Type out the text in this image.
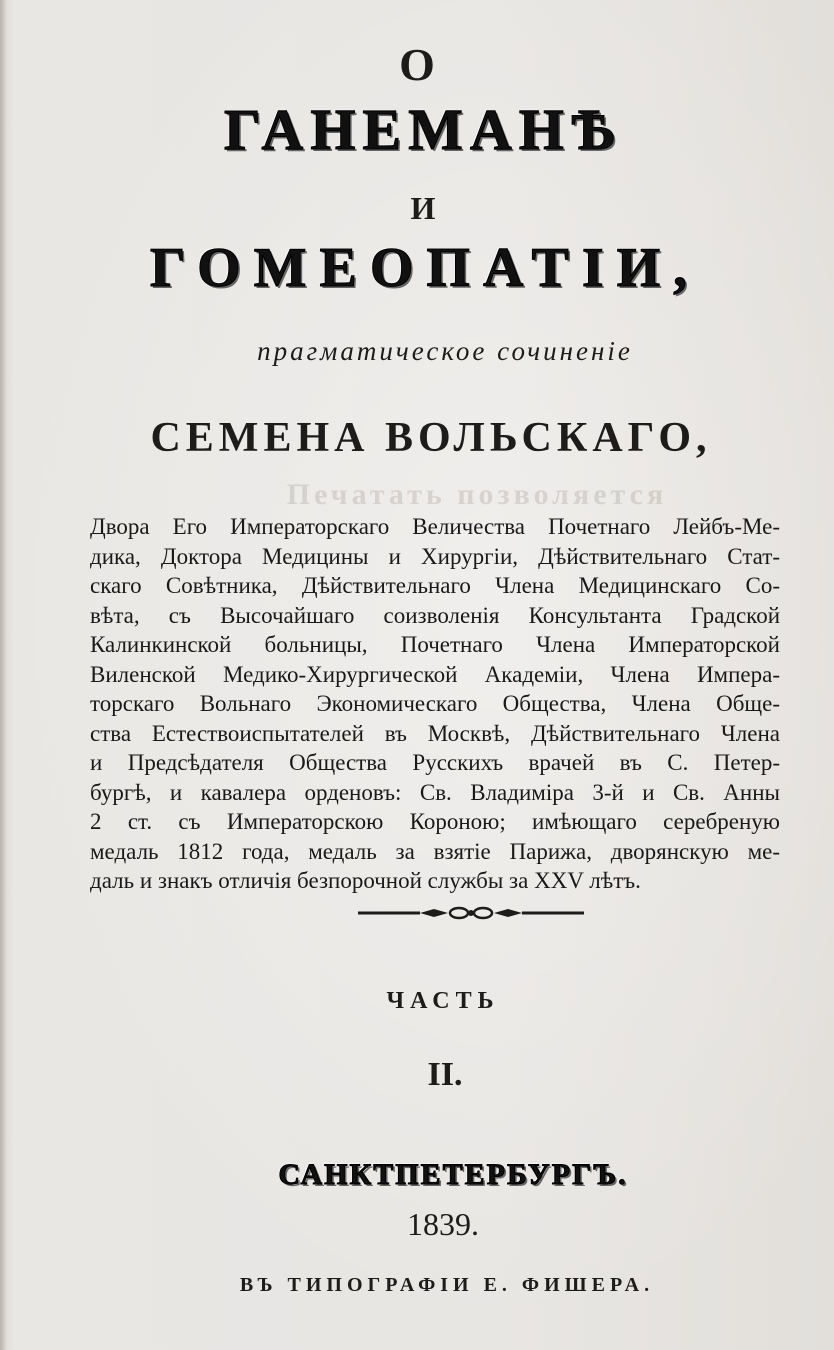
О
ГАНЕМАНѢ
И
ГОМЕОПАТIИ,
прагматическое сочиненiе
СЕМЕНА ВОЛЬСКАГО,
Печатать позволяется
Двора Его Императорскаго Величества Почетнаго Лейбъ-Ме-
дика, Доктора Медицины и Хирургiи, Дѣйствительнаго Стат-
скаго Совѣтника, Дѣйствительнаго Члена Медицинскаго Со-
вѣта, съ Высочайшаго соизволенiя Консультанта Градской
Калинкинской больницы, Почетнаго Члена Императорской
Виленской Медико-Хирургической Академiи, Члена Импера-
торскаго Вольнаго Экономическаго Общества, Члена Обще-
ства Естествоиспытателей въ Москвѣ, Дѣйствительнаго Члена
и Предсѣдателя Общества Русскихъ врачей въ С. Петер-
бургѣ, и кавалера орденовъ: Св. Владимiра 3-й и Св. Анны
2 ст. съ Императорскою Короною; имѣющаго серебреную
медаль 1812 года, медаль за взятiе Парижа, дворянскую ме-
даль и знакъ отличiя безпорочной службы за XXV лѣтъ.
ЧАСТЬ
II.
САНКТПЕТЕРБУРГЪ.
1839.
ВЪ ТИПОГРАФIИ Е. ФИШЕРА.
